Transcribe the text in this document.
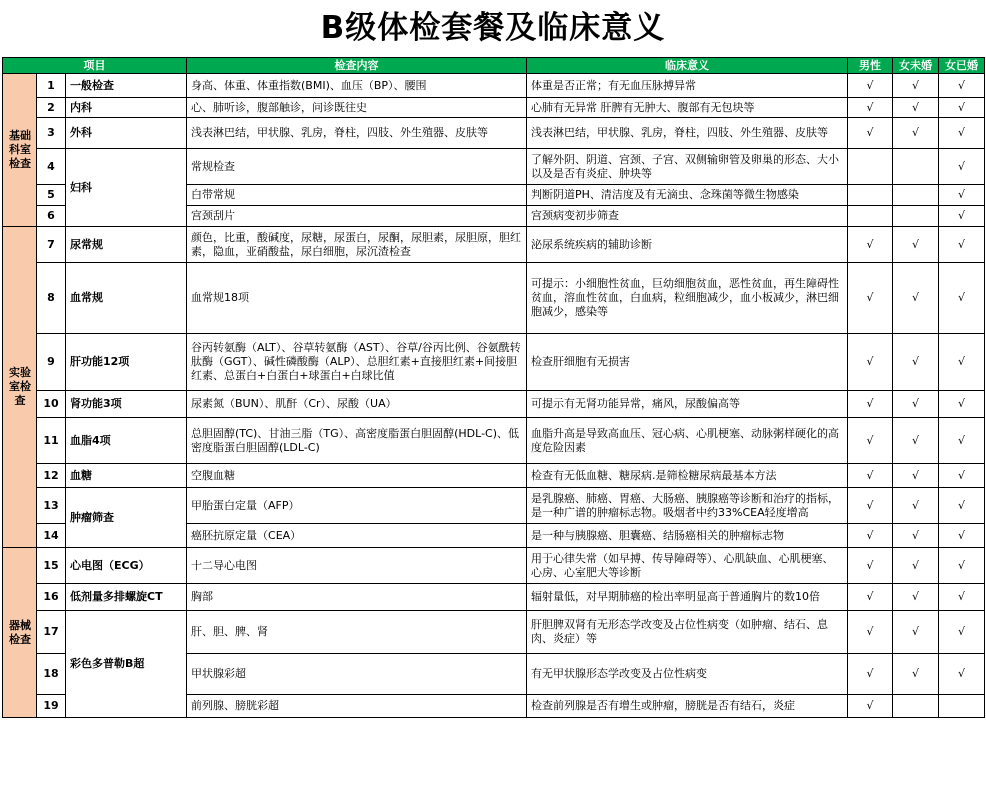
B级体检套餐及临床意义
项目			检查内容	临床意义	男性	女未婚	女已婚
基础科室检查	1	一般检查	身高、体重、体重指数(BMI)、血压（BP）、腰围	体重是否正常；有无血压脉搏异常	√	√	√
	2	内科	心、肺听诊，腹部触诊，问诊既往史	心肺有无异常 肝脾有无肿大、腹部有无包块等	√	√	√
	3	外科	浅表淋巴结，甲状腺、乳房，脊柱，四肢、外生殖器、皮肤等	浅表淋巴结，甲状腺、乳房，脊柱，四肢、外生殖器、皮肤等	√	√	√
	4	妇科	常规检查	了解外阴、阴道、宫颈、子宫、双侧输卵管及卵巢的形态、大小以及是否有炎症、肿块等			√
	5		白带常规	判断阴道PH、清洁度及有无滴虫、念珠菌等微生物感染			√
	6		宫颈刮片	宫颈病变初步筛查			√
实验室检查	7	尿常规	颜色，比重，酸碱度，尿糖，尿蛋白，尿酮，尿胆素，尿胆原，胆红素，隐血，亚硝酸盐，尿白细胞，尿沉渣检查	泌尿系统疾病的辅助诊断	√	√	√
	8	血常规	血常规18项	可提示：小细胞性贫血，巨幼细胞贫血，恶性贫血，再生障碍性贫血，溶血性贫血，白血病，粒细胞减少，血小板减少，淋巴细胞减少，感染等	√	√	√
	9	肝功能12项	谷丙转氨酶（ALT）、谷草转氨酶（AST）、谷草/谷丙比例、谷氨酰转肽酶（GGT）、碱性磷酸酶（ALP）、总胆红素+直接胆红素+间接胆红素、总蛋白+白蛋白+球蛋白+白球比值	检查肝细胞有无损害	√	√	√
	10	肾功能3项	尿素氮（BUN）、肌酐（Cr）、尿酸（UA）	可提示有无肾功能异常，痛风，尿酸偏高等	√	√	√
	11	血脂4项	总胆固醇(TC)、甘油三脂（TG）、高密度脂蛋白胆固醇(HDL-C)、低密度脂蛋白胆固醇(LDL-C)	血脂升高是导致高血压、冠心病、心肌梗塞、动脉粥样硬化的高度危险因素	√	√	√
	12	血糖	空腹血糖	检查有无低血糖、糖尿病.是筛检糖尿病最基本方法	√	√	√
	13	肿瘤筛查	甲胎蛋白定量（AFP）	是乳腺癌、肺癌、胃癌、大肠癌、胰腺癌等诊断和治疗的指标，是一种广谱的肿瘤标志物。吸烟者中约33%CEA轻度增高	√	√	√
	14		癌胚抗原定量（CEA）	是一种与胰腺癌、胆囊癌、结肠癌相关的肿瘤标志物	√	√	√
器械检查	15	心电图（ECG）	十二导心电图	用于心律失常（如早搏、传导障碍等）、心肌缺血、心肌梗塞、心房、心室肥大等诊断	√	√	√
	16	低剂量多排螺旋CT	胸部	辐射量低，对早期肺癌的检出率明显高于普通胸片的数10倍	√	√	√
	17	彩色多普勒B超	肝、胆、脾、肾	肝胆脾双肾有无形态学改变及占位性病变（如肿瘤、结石、息肉、炎症）等	√	√	√
	18		甲状腺彩超	有无甲状腺形态学改变及占位性病变	√	√	√
	19		前列腺、膀胱彩超	检查前列腺是否有增生或肿瘤，膀胱是否有结石，炎症	√		
